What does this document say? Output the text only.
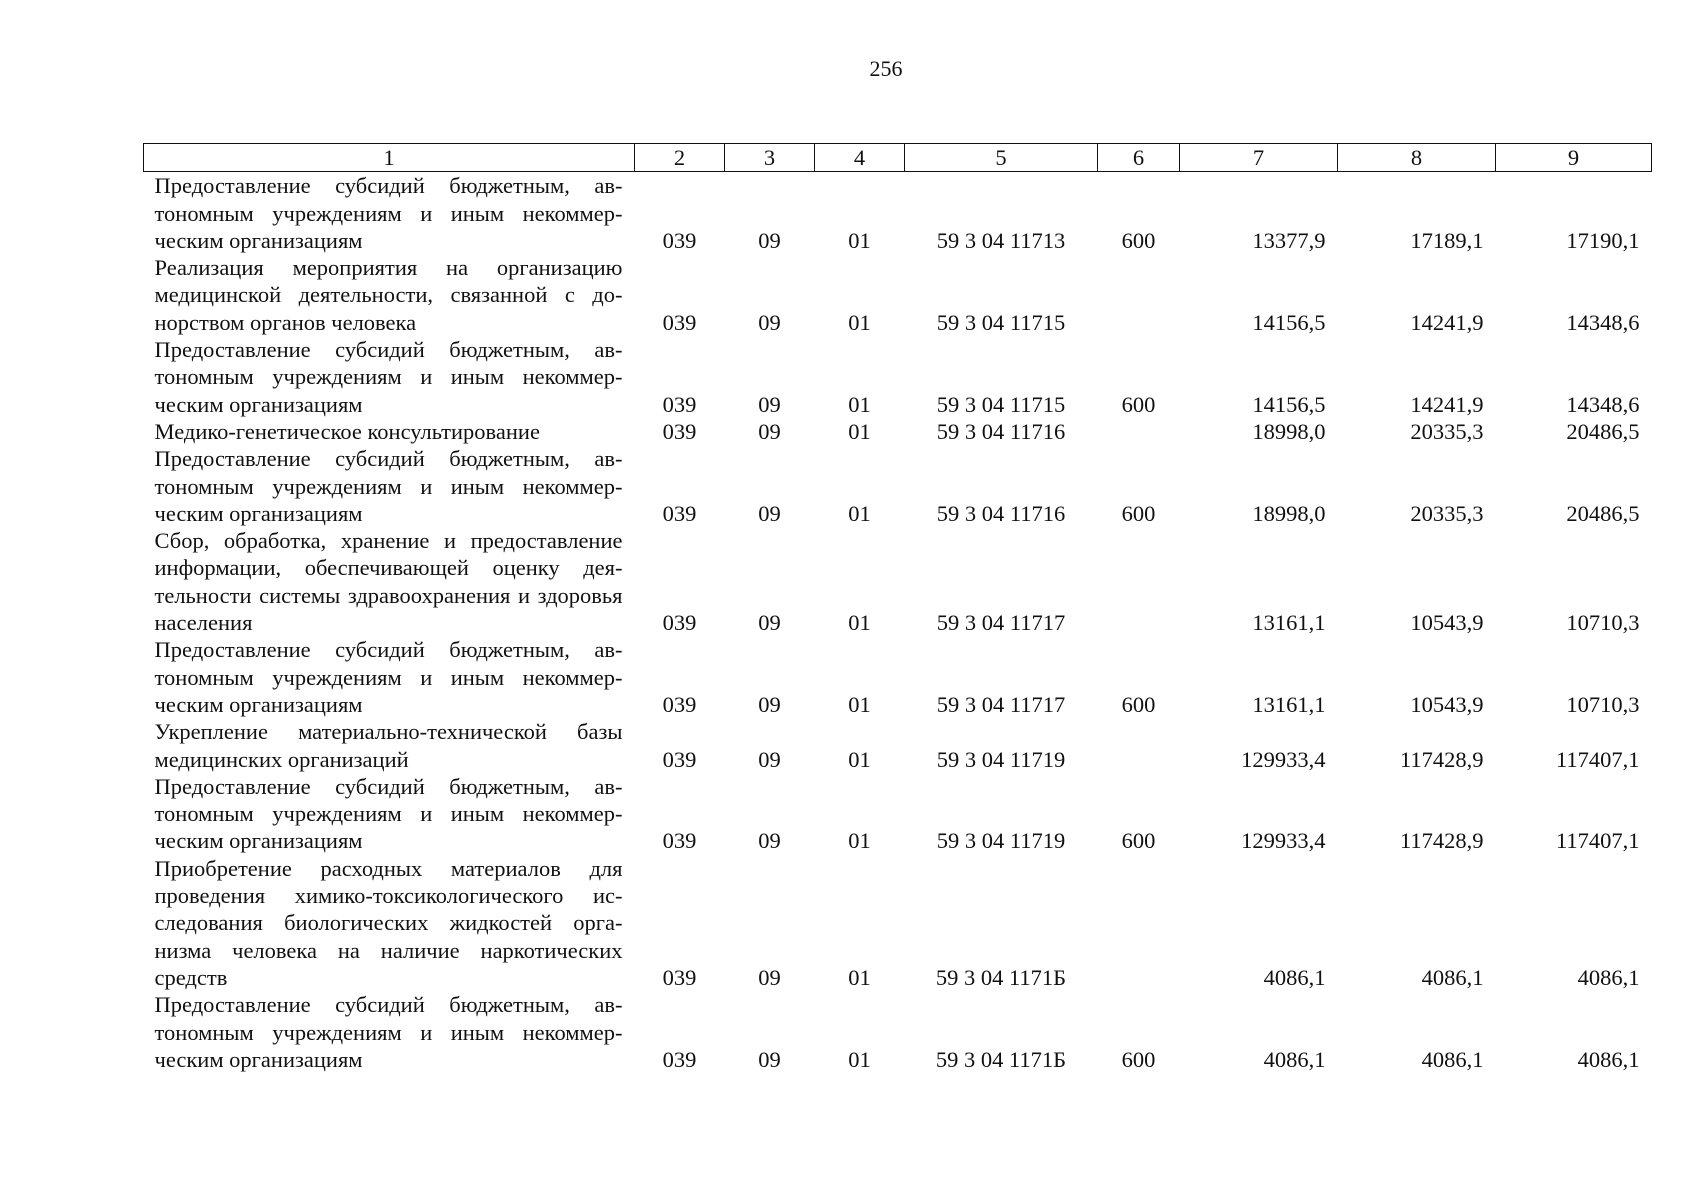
256
1	2	3	4	5	6	7	8	9
Предоставление субсидий бюджетным, автономным учреждениям и иным некоммерческим организациям	039	09	01	59 3 04 11713	600	13377,9	17189,1	17190,1
Реализация мероприятия на организацию медицинской деятельности, связанной с донорством органов человека	039	09	01	59 3 04 11715		14156,5	14241,9	14348,6
Предоставление субсидий бюджетным, автономным учреждениям и иным некоммерческим организациям	039	09	01	59 3 04 11715	600	14156,5	14241,9	14348,6
Медико-генетическое консультирование	039	09	01	59 3 04 11716		18998,0	20335,3	20486,5
Предоставление субсидий бюджетным, автономным учреждениям и иным некоммерческим организациям	039	09	01	59 3 04 11716	600	18998,0	20335,3	20486,5
Сбор, обработка, хранение и предоставление информации, обеспечивающей оценку деятельности системы здравоохранения и здоровья населения	039	09	01	59 3 04 11717		13161,1	10543,9	10710,3
Предоставление субсидий бюджетным, автономным учреждениям и иным некоммерческим организациям	039	09	01	59 3 04 11717	600	13161,1	10543,9	10710,3
Укрепление материально-технической базы медицинских организаций	039	09	01	59 3 04 11719		129933,4	117428,9	117407,1
Предоставление субсидий бюджетным, автономным учреждениям и иным некоммерческим организациям	039	09	01	59 3 04 11719	600	129933,4	117428,9	117407,1
Приобретение расходных материалов для проведения химико-токсикологического исследования биологических жидкостей организма человека на наличие наркотических средств	039	09	01	59 3 04 1171Б		4086,1	4086,1	4086,1
Предоставление субсидий бюджетным, автономным учреждениям и иным некоммерческим организациям	039	09	01	59 3 04 1171Б	600	4086,1	4086,1	4086,1
